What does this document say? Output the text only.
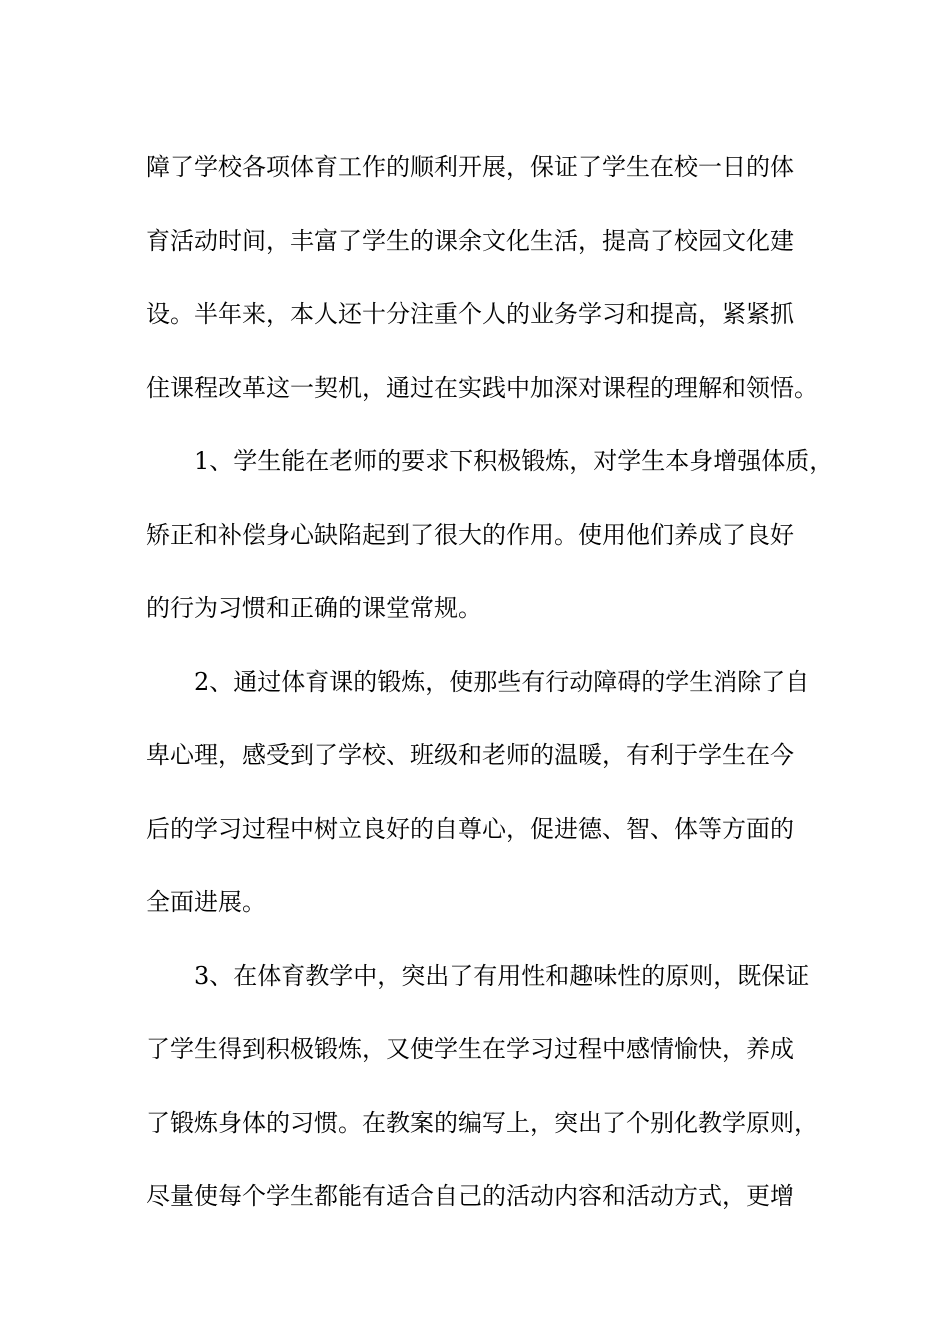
障了学校各项体育工作的顺利开展，保证了学生在校一日的体
育活动时间，丰富了学生的课余文化生活，提高了校园文化建
设。半年来，本人还十分注重个人的业务学习和提高，紧紧抓
住课程改革这一契机，通过在实践中加深对课程的理解和领悟。
1、学生能在老师的要求下积极锻炼，对学生本身增强体质，
矫正和补偿身心缺陷起到了很大的作用。使用他们养成了良好
的行为习惯和正确的课堂常规。
2、通过体育课的锻炼，使那些有行动障碍的学生消除了自
卑心理，感受到了学校、班级和老师的温暖，有利于学生在今
后的学习过程中树立良好的自尊心，促进德、智、体等方面的
全面进展。
3、在体育教学中，突出了有用性和趣味性的原则，既保证
了学生得到积极锻炼，又使学生在学习过程中感情愉快，养成
了锻炼身体的习惯。在教案的编写上，突出了个别化教学原则，
尽量使每个学生都能有适合自己的活动内容和活动方式，更增
